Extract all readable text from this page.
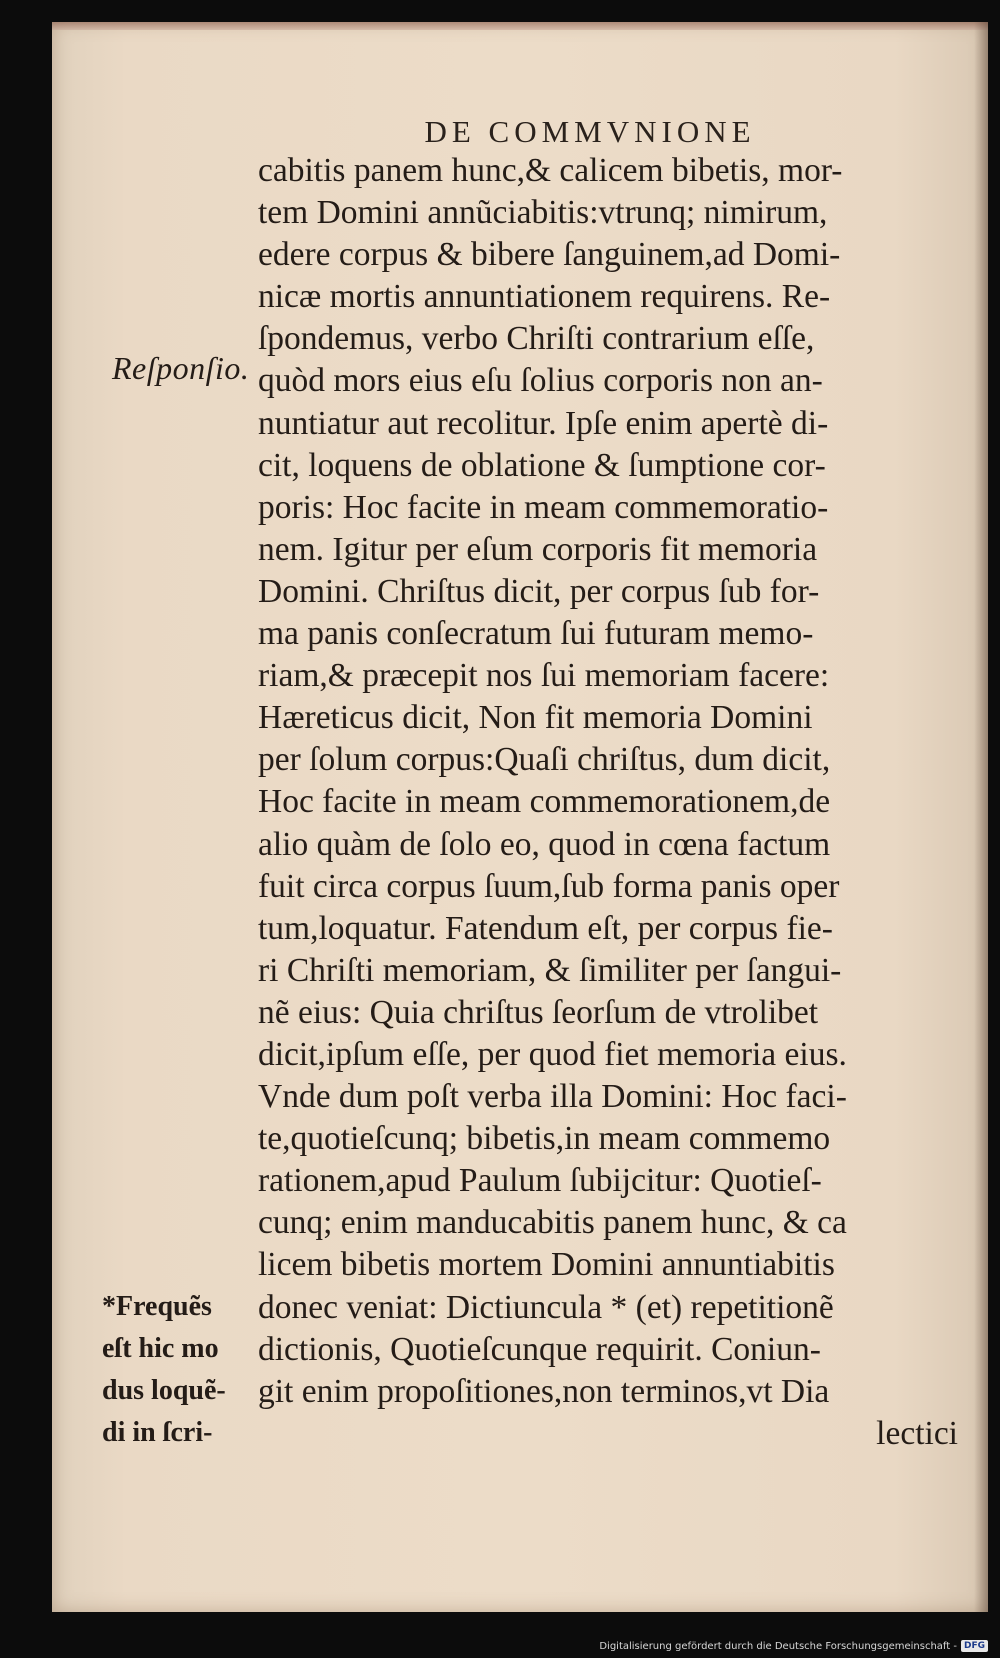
DE COMMVNIONE
Reſponſio.
cabitis panem hunc,& calicem bibetis, mor-
tem Domini annũciabitis:vtrunq; nimirum,
edere corpus & bibere ſanguinem,ad Domi-
nicæ mortis annuntiationem requirens. Re-
ſpondemus, verbo Chriſti contrarium eſſe,
quòd mors eius eſu ſolius corporis non an-
nuntiatur aut recolitur. Ipſe enim apertè di-
cit, loquens de oblatione & ſumptione cor-
poris: Hoc facite in meam commemoratio-
nem. Igitur per eſum corporis fit memoria
Domini. Chriſtus dicit, per corpus ſub for-
ma panis conſecratum ſui futuram memo-
riam,& præcepit nos ſui memoriam facere:
Hæreticus dicit, Non fit memoria Domini
per ſolum corpus:Quaſi chriſtus, dum dicit,
Hoc facite in meam commemorationem,de
alio quàm de ſolo eo, quod in cœna factum
fuit circa corpus ſuum,ſub forma panis oper
tum,loquatur. Fatendum eſt, per corpus fie-
ri Chriſti memoriam, & ſimiliter per ſangui-
nẽ eius: Quia chriſtus ſeorſum de vtrolibet
dicit,ipſum eſſe, per quod fiet memoria eius.
Vnde dum poſt verba illa Domini: Hoc faci-
te,quotieſcunq; bibetis,in meam commemo
rationem,apud Paulum ſubijcitur: Quotieſ-
cunq; enim manducabitis panem hunc, & ca
licem bibetis mortem Domini annuntiabitis
donec veniat: Dictiuncula * (et) repetitionẽ
dictionis, Quotieſcunque requirit. Coniun-
git enim propoſitiones,non terminos,vt Dia
lectici
*Frequẽs
eſt hic mo
dus loquẽ-
di in ſcri-
Digitalisierung gefördert durch die Deutsche Forschungsgemeinschaft - DFG
